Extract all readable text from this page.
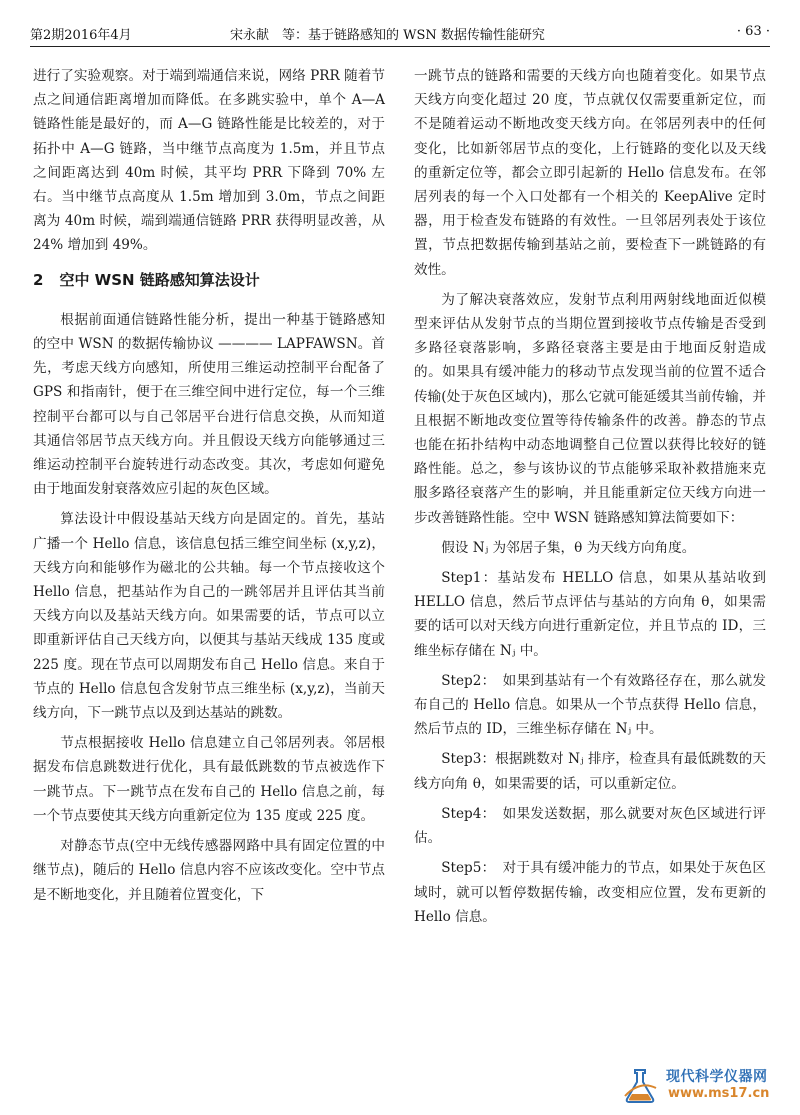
第2期2016年4月	宋永献　等：基于链路感知的 WSN 数据传输性能研究	· 63 ·

进行了实验观察。对于端到端通信来说，网络 PRR 随着节点之间通信距离增加而降低。在多跳实验中，单个 A—A 链路性能是最好的，而 A—G 链路性能是比较差的，对于拓扑中 A—G 链路，当中继节点高度为 1.5m，并且节点之间距离达到 40m 时候，其平均 PRR 下降到 70% 左右。当中继节点高度从 1.5m 增加到 3.0m，节点之间距离为 40m 时候，端到端通信链路 PRR 获得明显改善，从 24% 增加到 49%。

2 空中 WSN 链路感知算法设计

根据前面通信链路性能分析，提出一种基于链路感知的空中 WSN 的数据传输协议 ———— LAPFAWSN。首先，考虑天线方向感知，所使用三维运动控制平台配备了 GPS 和指南针，便于在三维空间中进行定位，每一个三维控制平台都可以与自己邻居平台进行信息交换，从而知道其通信邻居节点天线方向。并且假设天线方向能够通过三维运动控制平台旋转进行动态改变。其次，考虑如何避免由于地面发射衰落效应引起的灰色区域。

算法设计中假设基站天线方向是固定的。首先，基站广播一个 Hello 信息，该信息包括三维空间坐标 (x,y,z)，天线方向和能够作为磁北的公共轴。每一个节点接收这个 Hello 信息，把基站作为自己的一跳邻居并且评估其当前天线方向以及基站天线方向。如果需要的话，节点可以立即重新评估自己天线方向，以便其与基站天线成 135 度或 225 度。现在节点可以周期发布自己 Hello 信息。来自于节点的 Hello 信息包含发射节点三维坐标 (x,y,z)，当前天线方向，下一跳节点以及到达基站的跳数。

节点根据接收 Hello 信息建立自己邻居列表。邻居根据发布信息跳数进行优化，具有最低跳数的节点被选作下一跳节点。下一跳节点在发布自己的 Hello 信息之前，每一个节点要使其天线方向重新定位为 135 度或 225 度。

对静态节点(空中无线传感器网路中具有固定位置的中继节点)，随后的 Hello 信息内容不应该改变化。空中节点是不断地变化，并且随着位置变化，下

一跳节点的链路和需要的天线方向也随着变化。如果节点天线方向变化超过 20 度，节点就仅仅需要重新定位，而不是随着运动不断地改变天线方向。在邻居列表中的任何变化，比如新邻居节点的变化，上行链路的变化以及天线的重新定位等，都会立即引起新的 Hello 信息发布。在邻居列表的每一个入口处都有一个相关的 KeepAlive 定时器，用于检查发布链路的有效性。一旦邻居列表处于该位置，节点把数据传输到基站之前，要检查下一跳链路的有效性。

为了解决衰落效应，发射节点利用两射线地面近似模型来评估从发射节点的当期位置到接收节点传输是否受到多路径衰落影响，多路径衰落主要是由于地面反射造成的。如果具有缓冲能力的移动节点发现当前的位置不适合传输(处于灰色区域内)，那么它就可能延缓其当前传输，并且根据不断地改变位置等待传输条件的改善。静态的节点也能在拓扑结构中动态地调整自己位置以获得比较好的链路性能。总之，参与该协议的节点能够采取补救措施来克服多路径衰落产生的影响，并且能重新定位天线方向进一步改善链路性能。空中 WSN 链路感知算法简要如下：

假设 Nⱼ 为邻居子集，θ 为天线方向角度。

Step1：基站发布 HELLO 信息，如果从基站收到 HELLO 信息，然后节点评估与基站的方向角 θ，如果需要的话可以对天线方向进行重新定位，并且节点的 ID，三维坐标存储在 Nⱼ 中。

Step2：　如果到基站有一个有效路径存在，那么就发布自己的 Hello 信息。如果从一个节点获得 Hello 信息，然后节点的 ID，三维坐标存储在 Nⱼ 中。

Step3：根据跳数对 Nⱼ 排序，检查具有最低跳数的天线方向角 θ，如果需要的话，可以重新定位。

Step4：　如果发送数据，那么就要对灰色区域进行评估。

Step5：　对于具有缓冲能力的节点，如果处于灰色区域时，就可以暂停数据传输，改变相应位置，发布更新的 Hello 信息。

现代科学仪器网
www.ms17.cn
